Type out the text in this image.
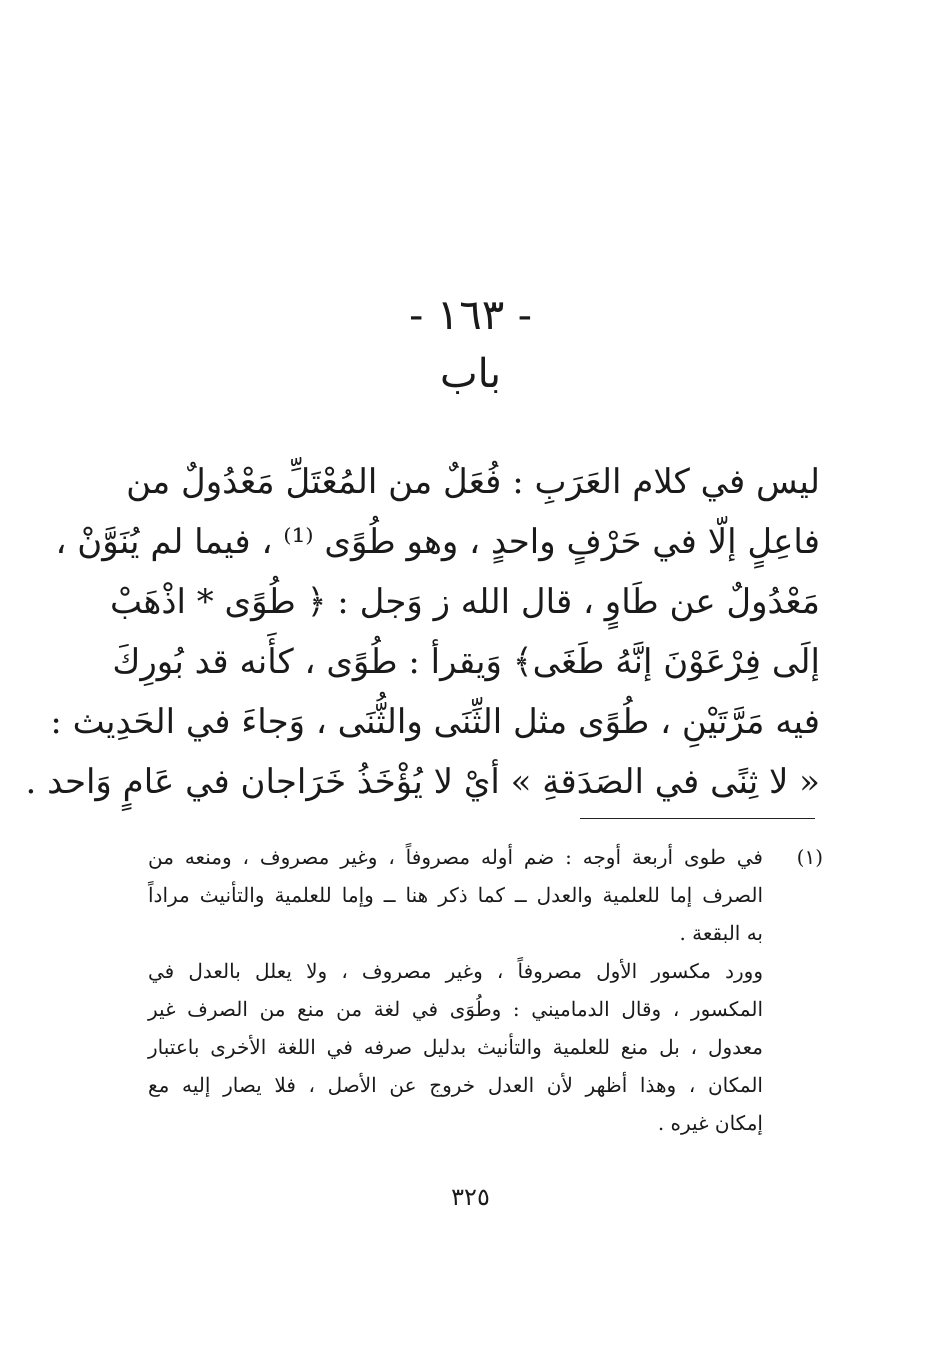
- ١٦٣ -
باب
ليس في كلام العَرَبِ : فُعَلٌ من المُعْتَلِّ مَعْدُولٌ من
فاعِلٍ إلّا في حَرْفٍ واحدٍ ، وهو طُوًى ⁽¹⁾ ، فيما لم يُنَوَّنْ ،
مَعْدُولٌ عن طَاوٍ ، قال الله ز وَجل : ﴿ طُوًى * اذْهَبْ
إلَى فِرْعَوْنَ إنَّهُ طَغَى﴾ وَيقرأ : طُوًى ، كأَنه قد بُورِكَ
فيه مَرَّتَيْنِ ، طُوًى مثل الثِّنَى والثُّنَى ، وَجاءَ في الحَدِيث :
« لا ثِنًى في الصَدَقةِ » أيْ لا يُؤْخَذُ خَرَاجان في عَامٍ وَاحد .
(١)
في طوى أربعة أوجه : ضم أوله مصروفاً ، وغير مصروف ، ومنعه من
الصرف إما للعلمية والعدل ــ كما ذكر هنا ــ وإما للعلمية والتأنيث مراداً
به البقعة .
وورد مكسور الأول مصروفاً ، وغير مصروف ، ولا يعلل بالعدل في
المكسور ، وقال الدماميني : وطُوَى في لغة من منع من الصرف غير
معدول ، بل منع للعلمية والتأنيث بدليل صرفه في اللغة الأخرى باعتبار
المكان ، وهذا أظهر لأن العدل خروج عن الأصل ، فلا يصار إليه مع
إمكان غيره .
٣٢٥
